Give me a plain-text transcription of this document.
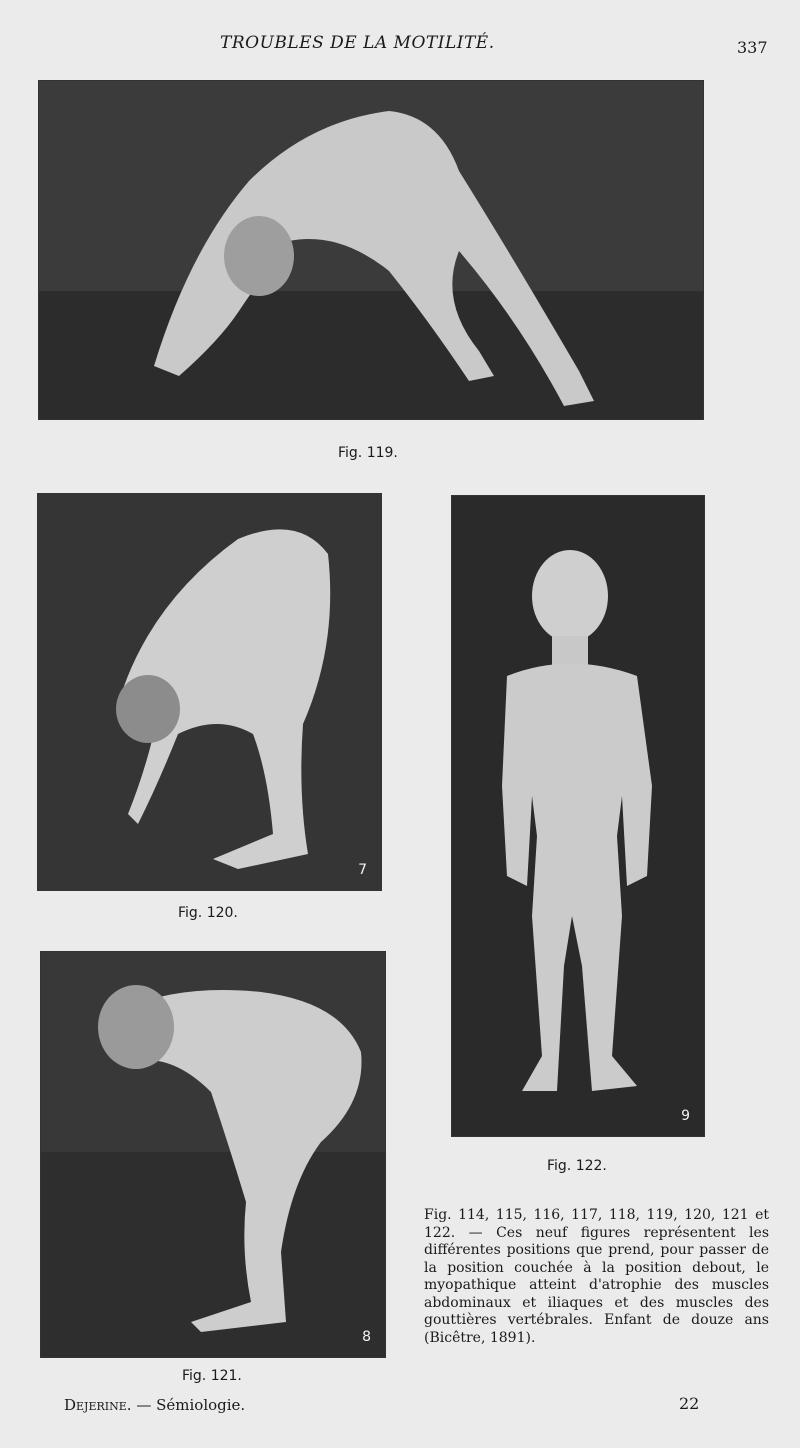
TROUBLES DE LA MOTILITÉ.	337
Fig. 119.
7
Fig. 120.
8
Fig. 121.
9
Fig. 122.
Fig. 114, 115, 116, 117, 118, 119, 120, 121 et 122. — Ces neuf figures représentent les différentes positions que prend, pour passer de la position couchée à la position debout, le myopathique atteint d'atrophie des muscles abdominaux et iliaques et des muscles des gouttières vertébrales. Enfant de douze ans (Bicêtre, 1891).
Dejerine. — Sémiologie.	22
